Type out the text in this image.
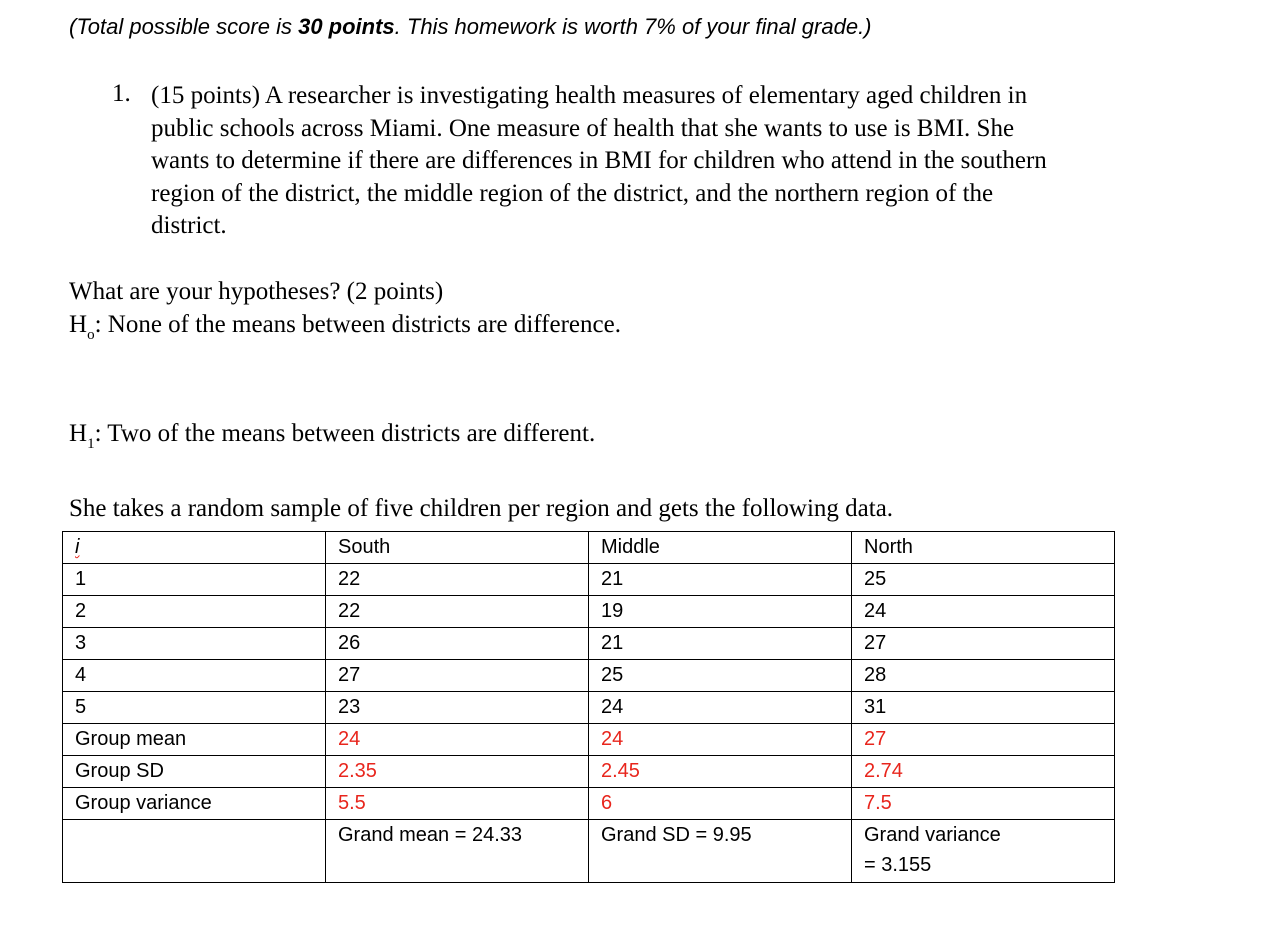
(Total possible score is 30 points. This homework is worth 7% of your final grade.)
1. (15 points) A researcher is investigating health measures of elementary aged children in
public schools across Miami. One measure of health that she wants to use is BMI. She
wants to determine if there are differences in BMI for children who attend in the southern
region of the district, the middle region of the district, and the northern region of the
district.
What are your hypotheses? (2 points)
$H_o$: None of the means between districts are difference.
$H_1$: Two of the means between districts are different.
She takes a random sample of five children per region and gets the following data.
i	South	Middle	North
1	22	21	25
2	22	19	24
3	26	21	27
4	27	25	28
5	23	24	31
Group mean	24	24	27
Group SD	2.35	2.45	2.74
Group variance	5.5	6	7.5
	Grand mean = 24.33	Grand SD = 9.95	Grand variance
= 3.155
